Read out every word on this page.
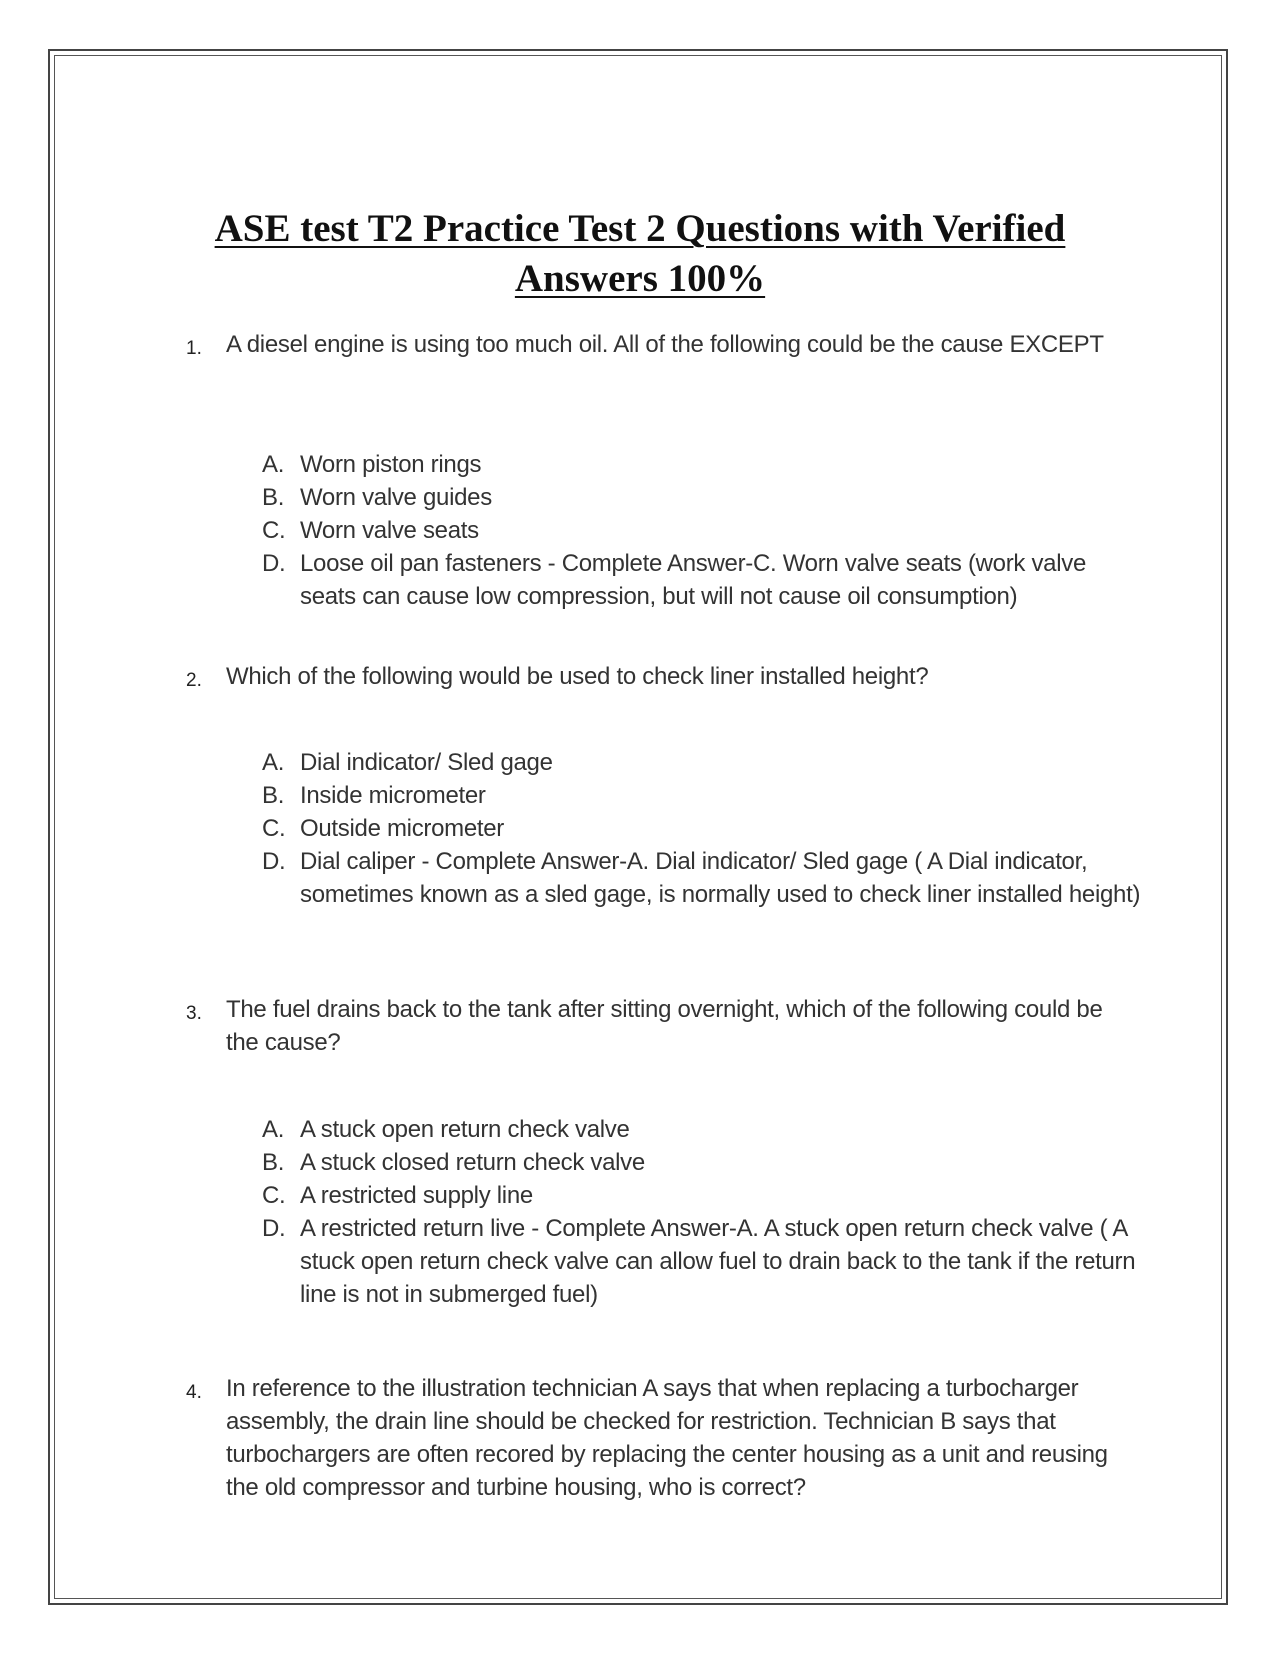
ASE test T2 Practice Test 2 Questions with Verified Answers 100%
1.	A diesel engine is using too much oil. All of the following could be the cause EXCEPT
A. Worn piston rings
B. Worn valve guides
C. Worn valve seats
D. Loose oil pan fasteners - Complete Answer-C. Worn valve seats (work valve seats can cause low compression, but will not cause oil consumption)
2.	Which of the following would be used to check liner installed height?
A. Dial indicator/ Sled gage
B. Inside micrometer
C. Outside micrometer
D. Dial caliper - Complete Answer-A. Dial indicator/ Sled gage ( A Dial indicator, sometimes known as a sled gage, is normally used to check liner installed height)
3.	The fuel drains back to the tank after sitting overnight, which of the following could be the cause?
A. A stuck open return check valve
B. A stuck closed return check valve
C. A restricted supply line
D. A restricted return live - Complete Answer-A. A stuck open return check valve ( A stuck open return check valve can allow fuel to drain back to the tank if the return line is not in submerged fuel)
4.	In reference to the illustration technician A says that when replacing a turbocharger assembly, the drain line should be checked for restriction. Technician B says that turbochargers are often recored by replacing the center housing as a unit and reusing the old compressor and turbine housing, who is correct?
